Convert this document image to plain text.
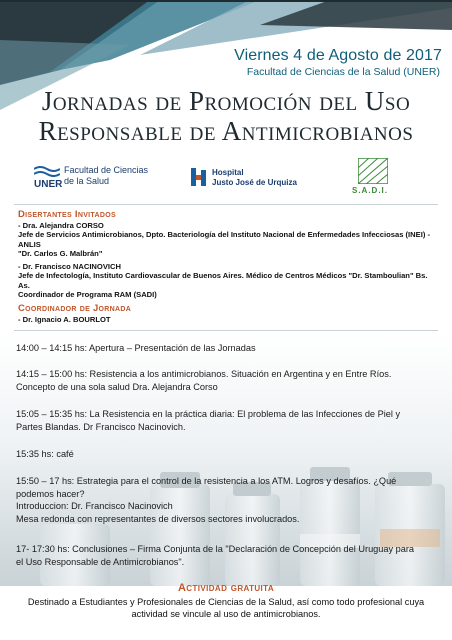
Viernes 4 de Agosto de 2017
Facultad de Ciencias de la Salud (UNER)
Jornadas de Promoción del Uso
Responsable de Antimicrobianos
UNER
Facultad de Ciencias
de la Salud
Hospital
Justo José de Urquiza
S.A.D.I.
Disertantes Invitados
- Dra. Alejandra CORSO
Jefe de Servicios Antimicrobianos, Dpto. Bacteriología del Instituto Nacional de Enfermedades Infecciosas (INEI) - ANLIS
"Dr. Carlos G. Malbrán"
- Dr. Francisco NACINOVICH
Jefe de Infectología, Instituto Cardiovascular de Buenos Aires. Médico de Centros Médicos "Dr. Stamboulian" Bs. As.
Coordinador de Programa RAM (SADI)
Coordinador de Jornada
- Dr. Ignacio A. BOURLOT
14:00 – 14:15 hs: Apertura – Presentación de las Jornadas
14:15 – 15:00 hs: Resistencia a los antimicrobianos. Situación en Argentina y en Entre Ríos.
Concepto de una sola salud Dra. Alejandra Corso
15:05 – 15:35 hs: La Resistencia en la práctica diaria: El problema de las Infecciones de Piel y
Partes Blandas. Dr Francisco Nacinovich.
15:35 hs: café
15:50 – 17 hs: Estrategia para el control de la resistencia a los ATM. Logros y desafíos. ¿Qué
podemos hacer?
Introduccion: Dr. Francisco Nacinovich
Mesa redonda con representantes de diversos sectores involucrados.
17- 17:30 hs: Conclusiones – Firma Conjunta de la "Declaración de Concepción del Uruguay para
el Uso Responsable de Antimicrobianos".
Actividad gratuita
Destinado a Estudiantes y Profesionales de Ciencias de la Salud, así como todo profesional cuya
actividad se vincule al uso de antimicrobianos.
